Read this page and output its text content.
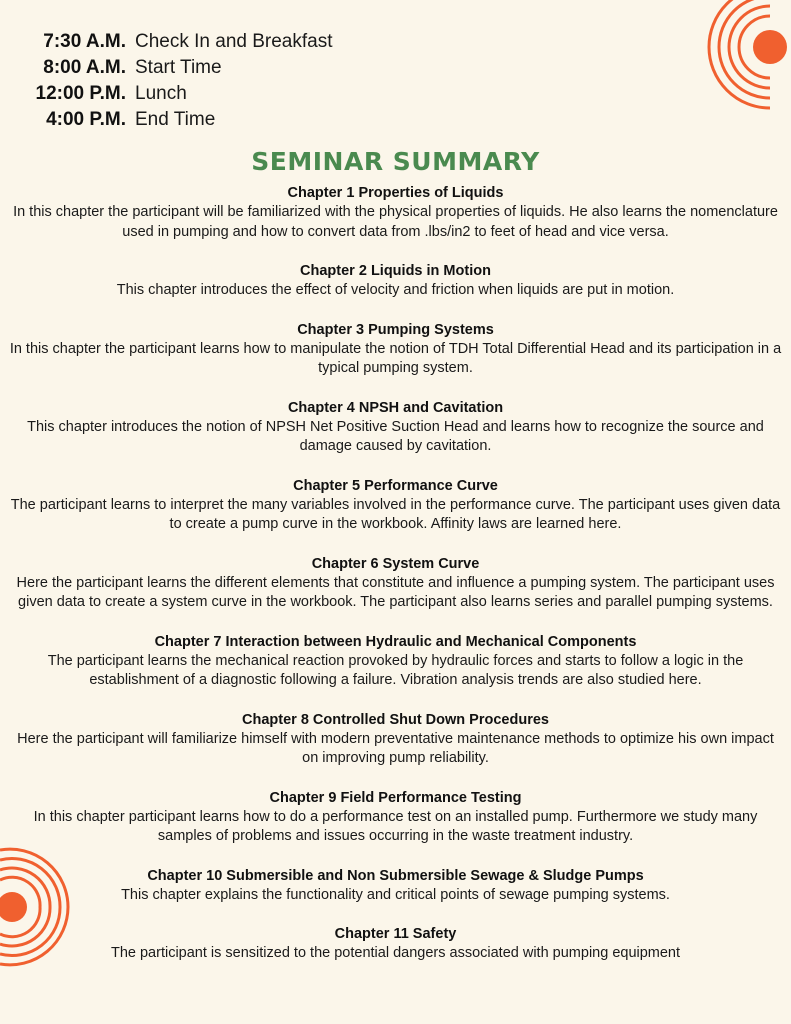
7:30 A.M. Check In and Breakfast
8:00 A.M. Start Time
12:00 P.M. Lunch
4:00 P.M. End Time
SEMINAR SUMMARY
Chapter 1 Properties of Liquids
In this chapter the participant will be familiarized with the physical properties of liquids. He also learns the nomenclature used in pumping and how to convert data from .lbs/in2 to feet of head and vice versa.
Chapter 2 Liquids in Motion
This chapter introduces the effect of velocity and friction when liquids are put in motion.
Chapter 3 Pumping Systems
In this chapter the participant learns how to manipulate the notion of TDH Total Differential Head and its participation in a typical pumping system.
Chapter 4 NPSH and Cavitation
This chapter introduces the notion of NPSH Net Positive Suction Head and learns how to recognize the source and damage caused by cavitation.
Chapter 5 Performance Curve
The participant learns to interpret the many variables involved in the performance curve. The participant uses given data to create a pump curve in the workbook. Affinity laws are learned here.
Chapter 6 System Curve
Here the participant learns the different elements that constitute and influence a pumping system. The participant uses given data to create a system curve in the workbook. The participant also learns series and parallel pumping systems.
Chapter 7 Interaction between Hydraulic and Mechanical Components
The participant learns the mechanical reaction provoked by hydraulic forces and starts to follow a logic in the establishment of a diagnostic following a failure. Vibration analysis trends are also studied here.
Chapter 8 Controlled Shut Down Procedures
Here the participant will familiarize himself with modern preventative maintenance methods to optimize his own impact on improving pump reliability.
Chapter 9 Field Performance Testing
In this chapter participant learns how to do a performance test on an installed pump. Furthermore we study many samples of problems and issues occurring in the waste treatment industry.
Chapter 10 Submersible and Non Submersible Sewage & Sludge Pumps
This chapter explains the functionality and critical points of sewage pumping systems.
Chapter 11 Safety
The participant is sensitized to the potential dangers associated with pumping equipment
